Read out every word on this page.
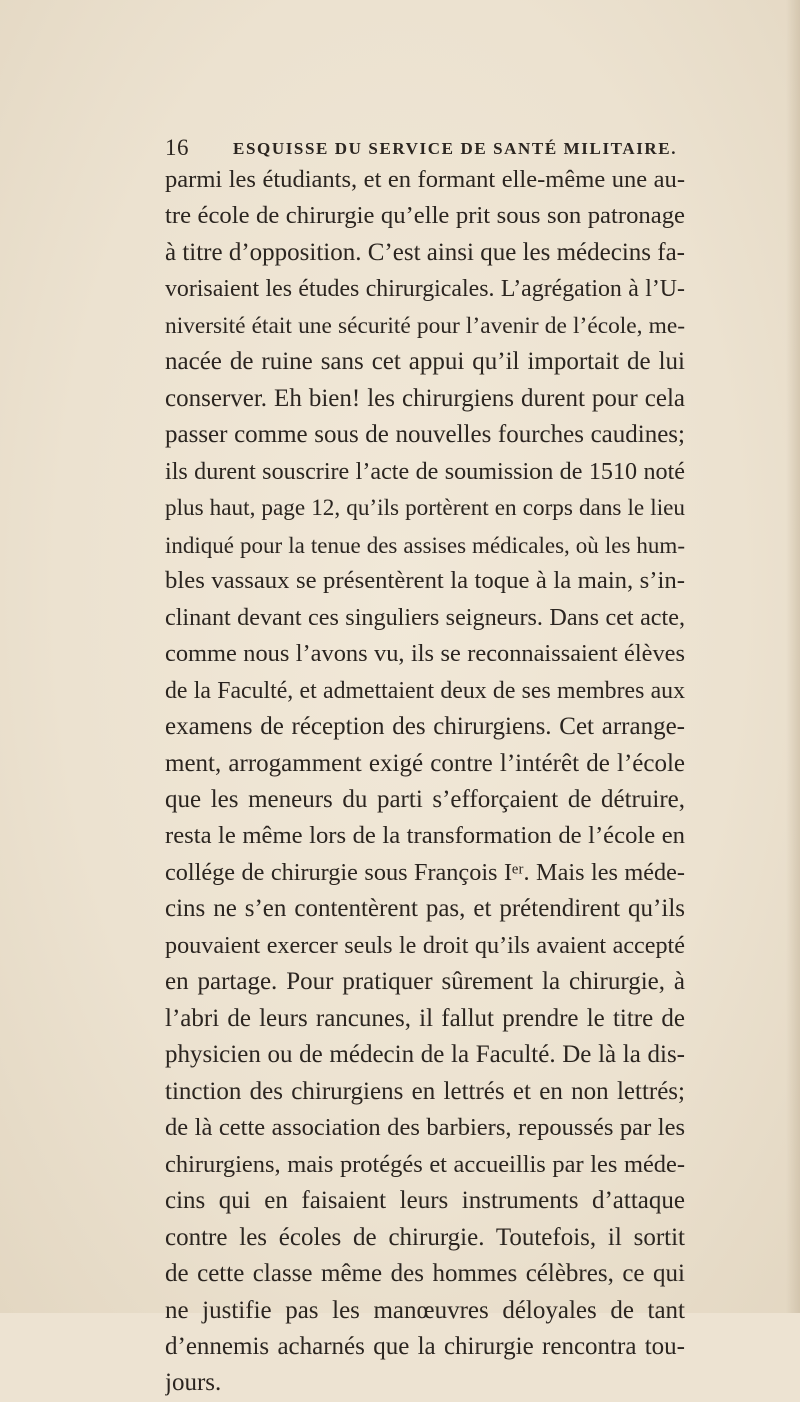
16	ESQUISSE DU SERVICE DE SANTÉ MILITAIRE.
parmi les étudiants, et en formant elle-même une au-
tre école de chirurgie qu’elle prit sous son patronage
à titre d’opposition. C’est ainsi que les médecins fa-
vorisaient les études chirurgicales. L’agrégation à l’U-
niversité était une sécurité pour l’avenir de l’école, me-
nacée de ruine sans cet appui qu’il importait de lui
conserver. Eh bien! les chirurgiens durent pour cela
passer comme sous de nouvelles fourches caudines;
ils durent souscrire l’acte de soumission de 1510 noté
plus haut, page 12, qu’ils portèrent en corps dans le lieu
indiqué pour la tenue des assises médicales, où les hum-
bles vassaux se présentèrent la toque à la main, s’in-
clinant devant ces singuliers seigneurs. Dans cet acte,
comme nous l’avons vu, ils se reconnaissaient élèves
de la Faculté, et admettaient deux de ses membres aux
examens de réception des chirurgiens. Cet arrange-
ment, arrogamment exigé contre l’intérêt de l’école
que les meneurs du parti s’efforçaient de détruire,
resta le même lors de la transformation de l’école en
collége de chirurgie sous François Iᵉʳ. Mais les méde-
cins ne s’en contentèrent pas, et prétendirent qu’ils
pouvaient exercer seuls le droit qu’ils avaient accepté
en partage. Pour pratiquer sûrement la chirurgie, à
l’abri de leurs rancunes, il fallut prendre le titre de
physicien ou de médecin de la Faculté. De là la dis-
tinction des chirurgiens en lettrés et en non lettrés;
de là cette association des barbiers, repoussés par les
chirurgiens, mais protégés et accueillis par les méde-
cins qui en faisaient leurs instruments d’attaque
contre les écoles de chirurgie. Toutefois, il sortit
de cette classe même des hommes célèbres, ce qui
ne justifie pas les manœuvres déloyales de tant
d’ennemis acharnés que la chirurgie rencontra tou-
jours.
